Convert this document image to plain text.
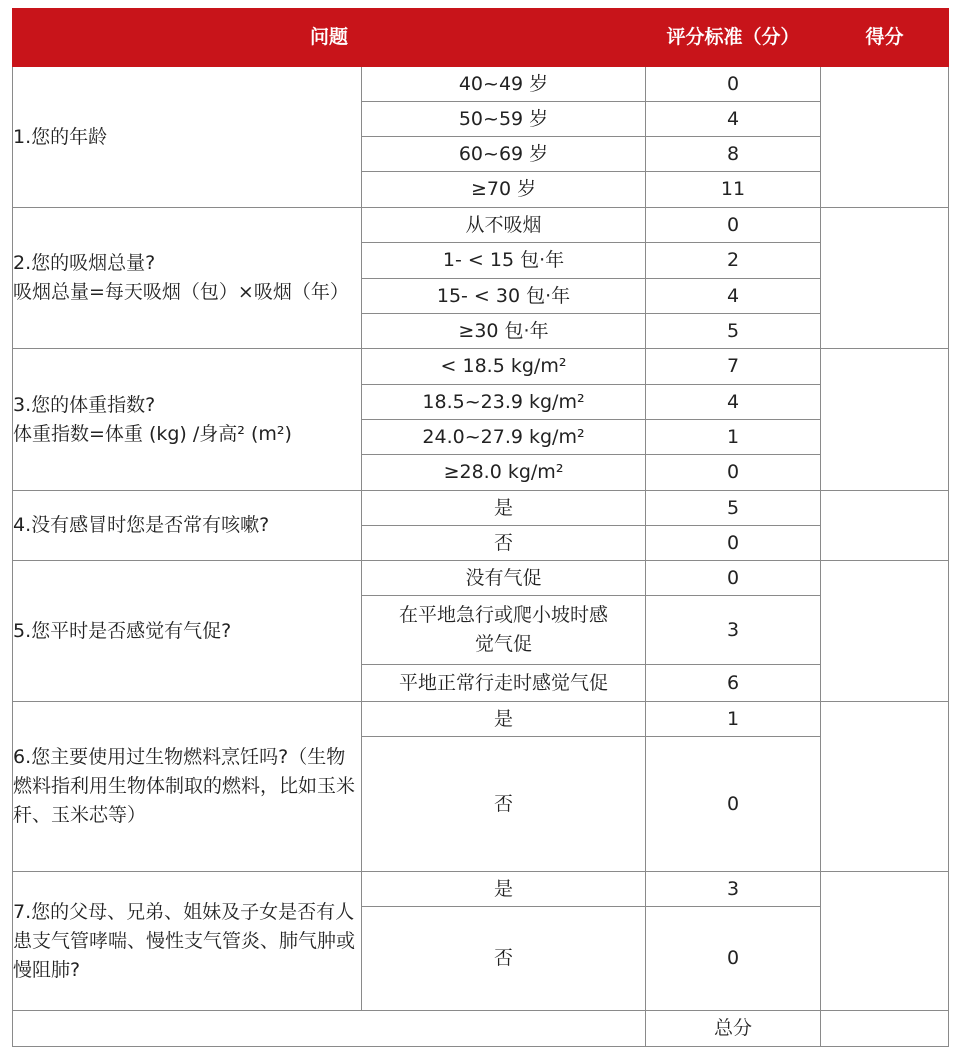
问题		评分标准（分）	得分

1.您的年龄	40~49 岁	0	
	50~59 岁	4	
	60~69 岁	8	
	≥70 岁	11	

2.您的吸烟总量?
吸烟总量=每天吸烟（包）×吸烟（年）	从不吸烟	0	
	1- < 15 包·年	2	
	15- < 30 包·年	4	
	≥30 包·年	5	

3.您的体重指数?
体重指数=体重 (kg) /身高² (m²)	< 18.5 kg/m²	7	
	18.5~23.9 kg/m²	4	
	24.0~27.9 kg/m²	1	
	≥28.0 kg/m²	0	

4.没有感冒时您是否常有咳嗽?	是	5	
	否	0	

5.您平时是否感觉有气促?	没有气促	0	
	在平地急行或爬小坡时感觉气促	3	
	平地正常行走时感觉气促	6	

6.您主要使用过生物燃料烹饪吗?（生物燃料指利用生物体制取的燃料，比如玉米秆、玉米芯等）	是	1	
	否	0	

7.您的父母、兄弟、姐妹及子女是否有人患支气管哮喘、慢性支气管炎、肺气肿或慢阻肺?	是	3	
	否	0	
		总分	
